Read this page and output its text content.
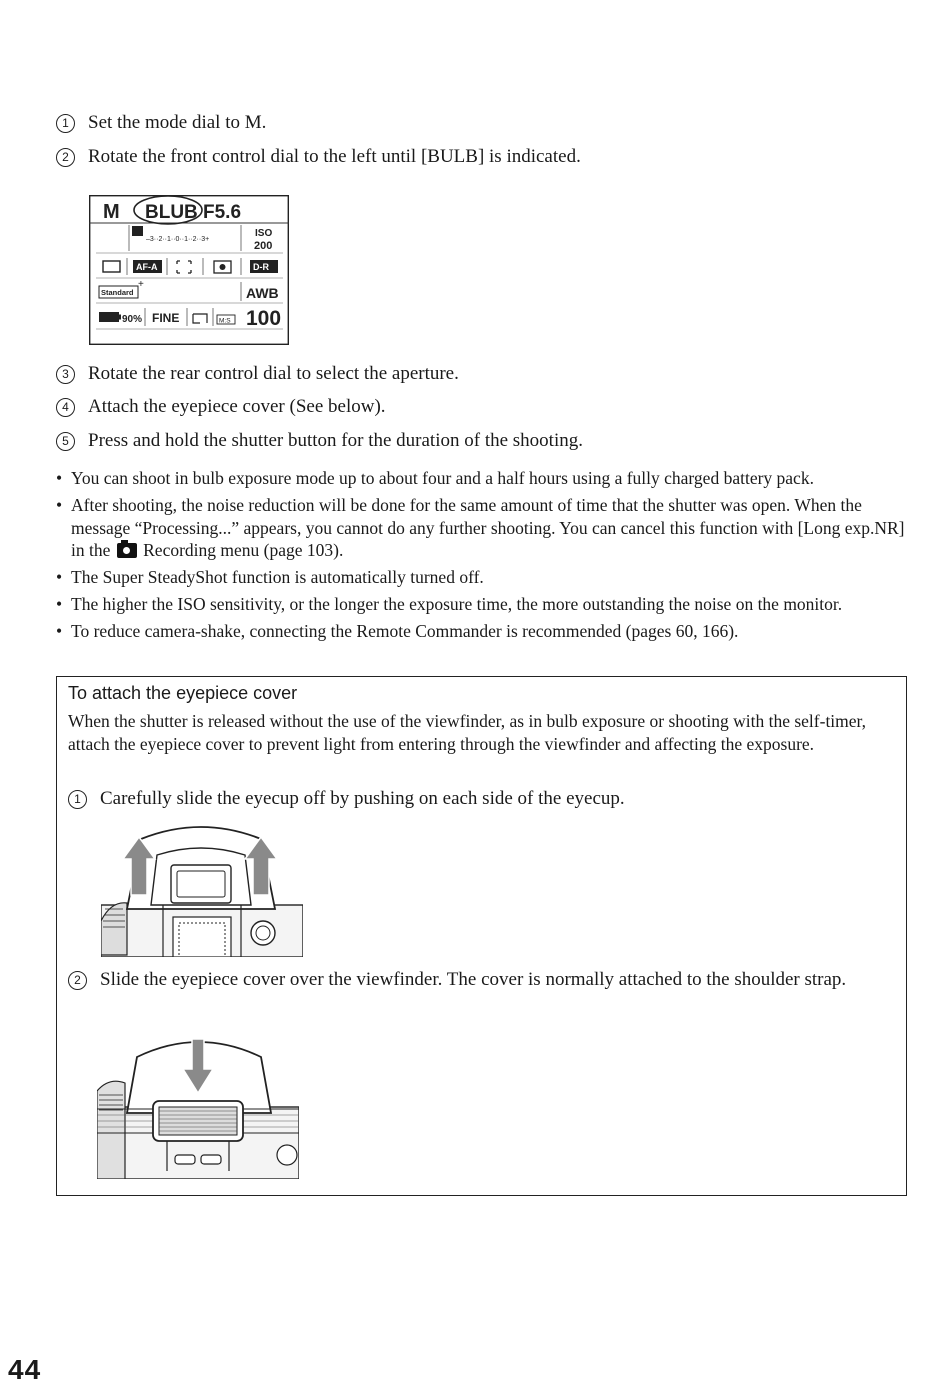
1	Set the mode dial to M.
2	Rotate the front control dial to the left until [BULB] is indicated.
M BLUB F5.6
–3··2··1··0··1··2··3+
ISO
200
AF-A	D-R
Standard
+
AWB
90% FINE	M:S 100
3	Rotate the rear control dial to select the aperture.
4	Attach the eyepiece cover (See below).
5	Press and hold the shutter button for the duration of the shooting.
• You can shoot in bulb exposure mode up to about four and a half hours using a fully charged battery pack.
• After shooting, the noise reduction will be done for the same amount of time that the shutter was open. When the message “Processing...” appears, you cannot do any further shooting. You can cancel this function with [Long exp.NR] in the Recording menu (page 103).
• The Super SteadyShot function is automatically turned off.
• The higher the ISO sensitivity, or the longer the exposure time, the more outstanding the noise on the monitor.
• To reduce camera-shake, connecting the Remote Commander is recommended (pages 60, 166).
To attach the eyepiece cover
When the shutter is released without the use of the viewfinder, as in bulb exposure or shooting with the self-timer, attach the eyepiece cover to prevent light from entering through the viewfinder and affecting the exposure.
1	Carefully slide the eyecup off by pushing on each side of the eyecup.
2	Slide the eyepiece cover over the viewfinder. The cover is normally attached to the shoulder strap.
44
